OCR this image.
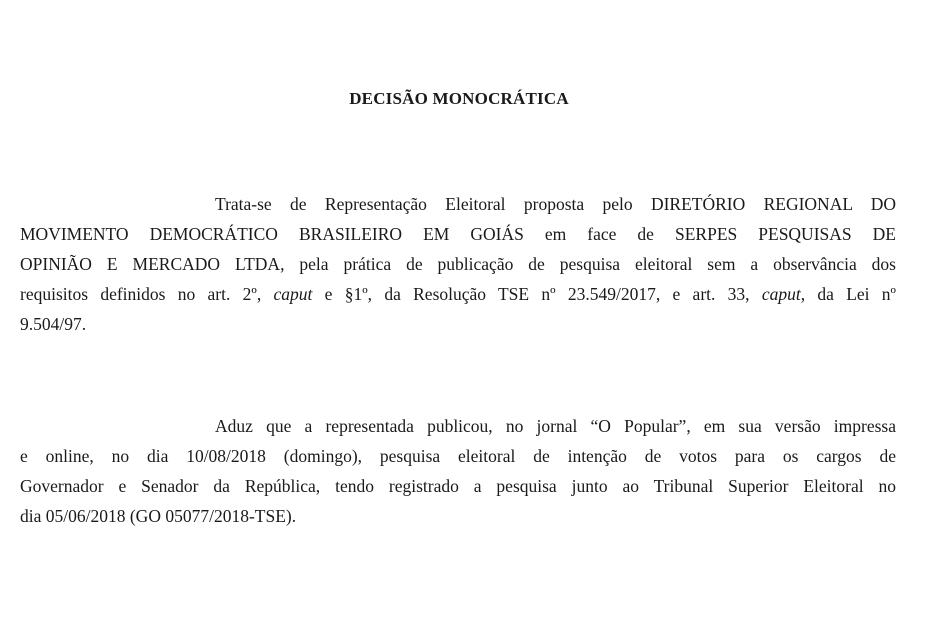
DECISÃO MONOCRÁTICA
Trata-se de Representação Eleitoral proposta pelo DIRETÓRIO REGIONAL DO
MOVIMENTO DEMOCRÁTICO BRASILEIRO EM GOIÁS em face de SERPES PESQUISAS DE
OPINIÃO E MERCADO LTDA, pela prática de publicação de pesquisa eleitoral sem a observância dos
requisitos definidos no art. 2º, caput e §1º, da Resolução TSE nº 23.549/2017, e art. 33, caput, da Lei nº
9.504/97.
Aduz que a representada publicou, no jornal “O Popular”, em sua versão impressa
e online, no dia 10/08/2018 (domingo), pesquisa eleitoral de intenção de votos para os cargos de
Governador e Senador da República, tendo registrado a pesquisa junto ao Tribunal Superior Eleitoral no
dia 05/06/2018 (GO 05077/2018-TSE).
